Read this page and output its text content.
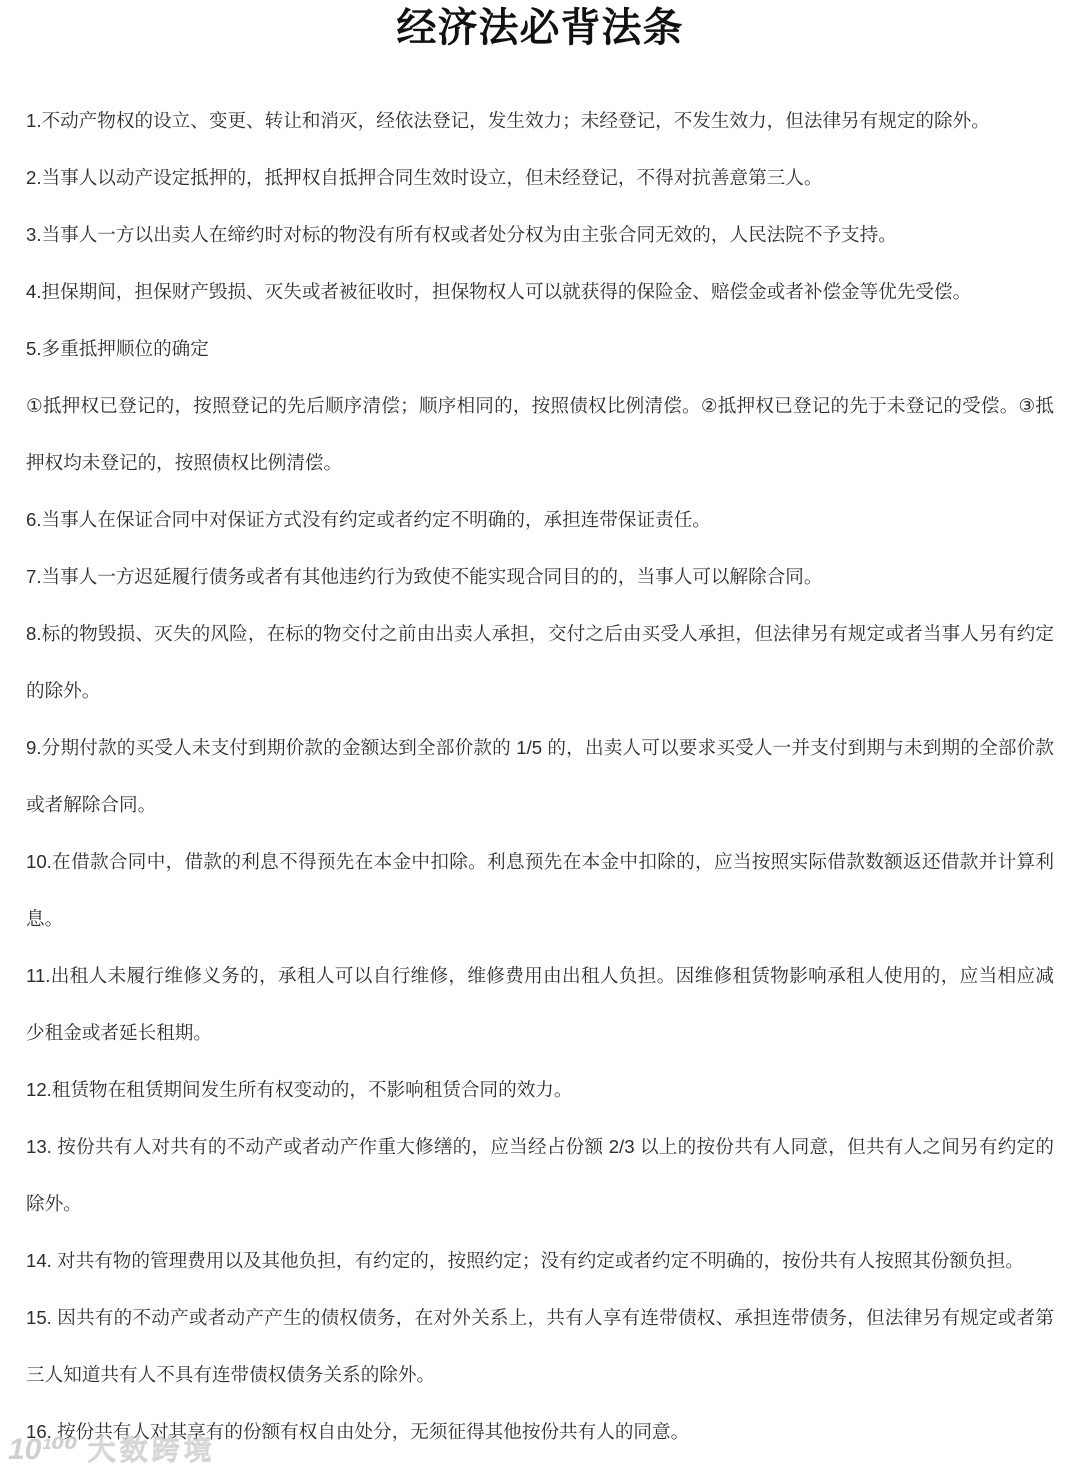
经济法必背法条

1.不动产物权的设立、变更、转让和消灭，经依法登记，发生效力；未经登记，不发生效力，但法律另有规定的除外。

2.当事人以动产设定抵押的，抵押权自抵押合同生效时设立，但未经登记，不得对抗善意第三人。

3.当事人一方以出卖人在缔约时对标的物没有所有权或者处分权为由主张合同无效的，人民法院不予支持。

4.担保期间，担保财产毁损、灭失或者被征收时，担保物权人可以就获得的保险金、赔偿金或者补偿金等优先受偿。

5.多重抵押顺位的确定

①抵押权已登记的，按照登记的先后顺序清偿；顺序相同的，按照债权比例清偿。②抵押权已登记的先于未登记的受偿。③抵押权均未登记的，按照债权比例清偿。

6.当事人在保证合同中对保证方式没有约定或者约定不明确的，承担连带保证责任。

7.当事人一方迟延履行债务或者有其他违约行为致使不能实现合同目的的，当事人可以解除合同。

8.标的物毁损、灭失的风险，在标的物交付之前由出卖人承担，交付之后由买受人承担，但法律另有规定或者当事人另有约定的除外。

9.分期付款的买受人未支付到期价款的金额达到全部价款的 1/5 的，出卖人可以要求买受人一并支付到期与未到期的全部价款或者解除合同。

10.在借款合同中，借款的利息不得预先在本金中扣除。利息预先在本金中扣除的，应当按照实际借款数额返还借款并计算利息。

11.出租人未履行维修义务的，承租人可以自行维修，维修费用由出租人负担。因维修租赁物影响承租人使用的，应当相应减少租金或者延长租期。

12.租赁物在租赁期间发生所有权变动的，不影响租赁合同的效力。

13. 按份共有人对共有的不动产或者动产作重大修缮的，应当经占份额 2/3 以上的按份共有人同意，但共有人之间另有约定的除外。

14. 对共有物的管理费用以及其他负担，有约定的，按照约定；没有约定或者约定不明确的，按份共有人按照其份额负担。

15. 因共有的不动产或者动产产生的债权债务，在对外关系上，共有人享有连带债权、承担连带债务，但法律另有规定或者第三人知道共有人不具有连带债权债务关系的除外。

16. 按份共有人对其享有的份额有权自由处分，无须征得其他按份共有人的同意。

10¹⁰⁰ 大数跨境
